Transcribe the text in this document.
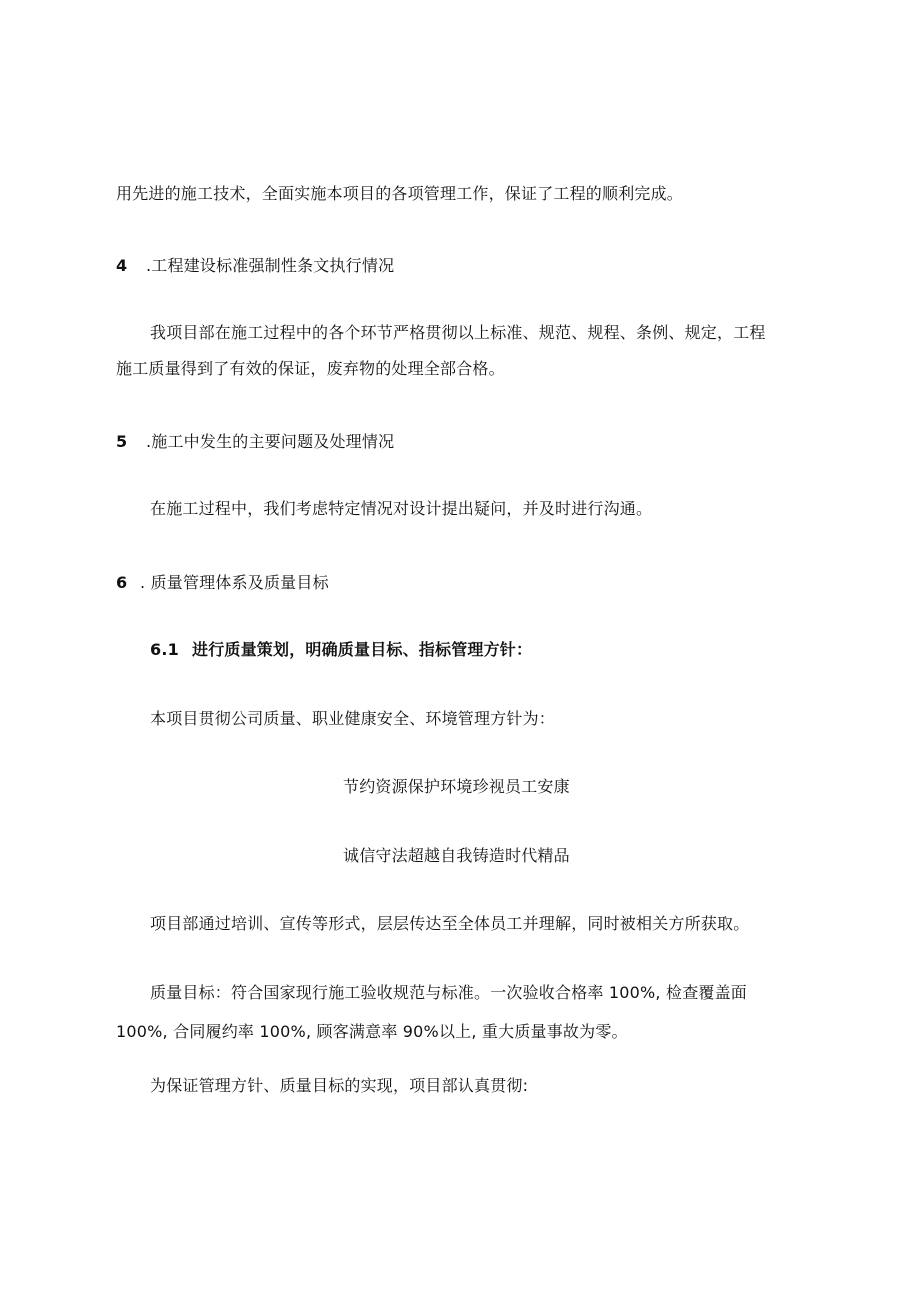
用先进的施工技术，全面实施本项目的各项管理工作，保证了工程的顺利完成。
4 .工程建设标准强制性条文执行情况
我项目部在施工过程中的各个环节严格贯彻以上标准、规范、规程、条例、规定，工程
施工质量得到了有效的保证，废弃物的处理全部合格。
5 .施工中发生的主要问题及处理情况
在施工过程中，我们考虑特定情况对设计提出疑问，并及时进行沟通。
6 . 质量管理体系及质量目标
6.1 进行质量策划，明确质量目标、指标管理方针：
本项目贯彻公司质量、职业健康安全、环境管理方针为：
节约资源保护环境珍视员工安康
诚信守法超越自我铸造时代精品
项目部通过培训、宣传等形式，层层传达至全体员工并理解，同时被相关方所获取。
质量目标：符合国家现行施工验收规范与标准。一次验收合格率 100%, 检查覆盖面
100%, 合同履约率 100%, 顾客满意率 90%以上, 重大质量事故为零。
为保证管理方针、质量目标的实现，项目部认真贯彻:
